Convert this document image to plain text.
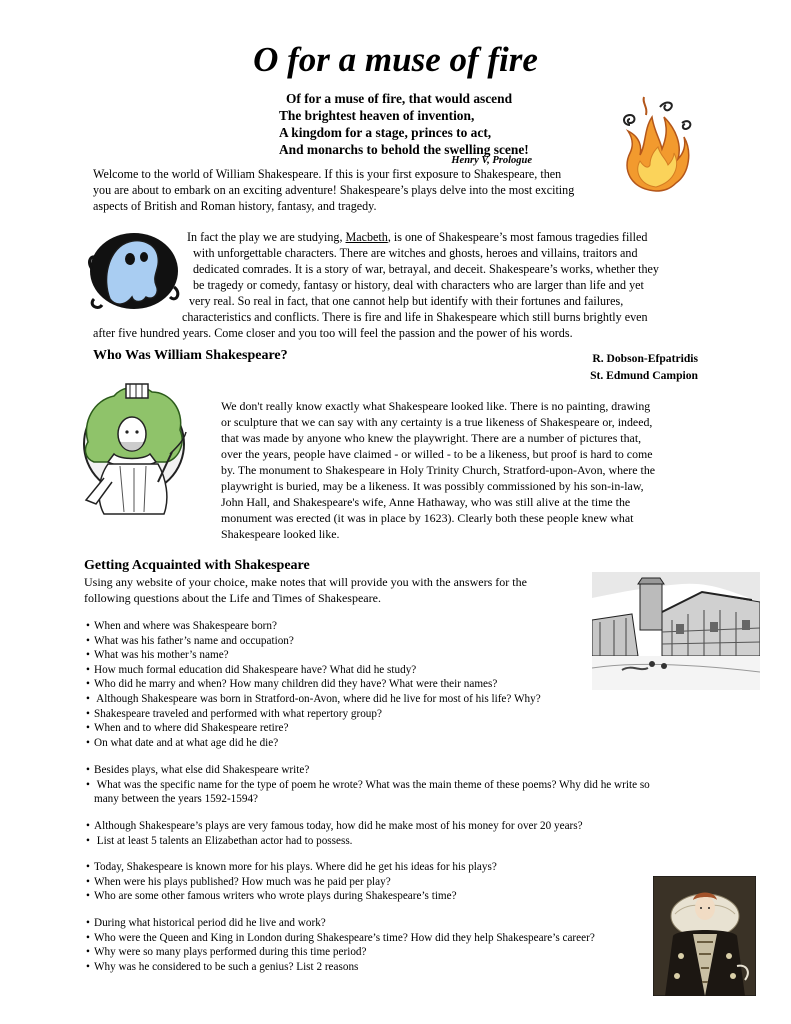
O for a muse of fire
Of for a muse of fire, that would ascend
The brightest heaven of invention,
A kingdom for a stage, princes to act,
And monarchs to behold the swelling scene!
Henry V, Prologue
Welcome to the world of William Shakespeare. If this is your first exposure to Shakespeare, then
you are about to embark on an exciting adventure! Shakespeare’s plays delve into the most exciting
aspects of British and Roman history, fantasy, and tragedy.
In fact the play we are studying, Macbeth, is one of Shakespeare’s most famous tragedies filled
with unforgettable characters. There are witches and ghosts, heroes and villains, traitors and
dedicated comrades. It is a story of war, betrayal, and deceit. Shakespeare’s works, whether they
be tragedy or comedy, fantasy or history, deal with characters who are larger than life and yet
very real. So real in fact, that one cannot help but identify with their fortunes and failures,
characteristics and conflicts. There is fire and life in Shakespeare which still burns brightly even
after five hundred years. Come closer and you too will feel the passion and the power of his words.
Who Was William Shakespeare?	R. Dobson-Efpatridis
St. Edmund Campion
We don't really know exactly what Shakespeare looked like. There is no painting, drawing
or sculpture that we can say with any certainty is a true likeness of Shakespeare or, indeed,
that was made by anyone who knew the playwright. There are a number of pictures that,
over the years, people have claimed - or willed - to be a likeness, but proof is hard to come
by. The monument to Shakespeare in Holy Trinity Church, Stratford-upon-Avon, where the
playwright is buried, may be a likeness. It was possibly commissioned by his son-in-law,
John Hall, and Shakespeare's wife, Anne Hathaway, who was still alive at the time the
monument was erected (it was in place by 1623). Clearly both these people knew what
Shakespeare looked like.
Getting Acquainted with Shakespeare
Using any website of your choice, make notes that will provide you with the answers for the
following questions about the Life and Times of Shakespeare.
• When and where was Shakespeare born?
• What was his father’s name and occupation?
• What was his mother’s name?
• How much formal education did Shakespeare have? What did he study?
• Who did he marry and when? How many children did they have? What were their names?
• Although Shakespeare was born in Stratford-on-Avon, where did he live for most of his life? Why?
• Shakespeare traveled and performed with what repertory group?
• When and to where did Shakespeare retire?
• On what date and at what age did he die?
• Besides plays, what else did Shakespeare write?
• What was the specific name for the type of poem he wrote? What was the main theme of these poems? Why did he write so
many between the years 1592-1594?
• Although Shakespeare’s plays are very famous today, how did he make most of his money for over 20 years?
• List at least 5 talents an Elizabethan actor had to possess.
• Today, Shakespeare is known more for his plays. Where did he get his ideas for his plays?
• When were his plays published? How much was he paid per play?
• Who are some other famous writers who wrote plays during Shakespeare’s time?
• During what historical period did he live and work?
• Who were the Queen and King in London during Shakespeare’s time? How did they help Shakespeare’s career?
• Why were so many plays performed during this time period?
• Why was he considered to be such a genius? List 2 reasons
